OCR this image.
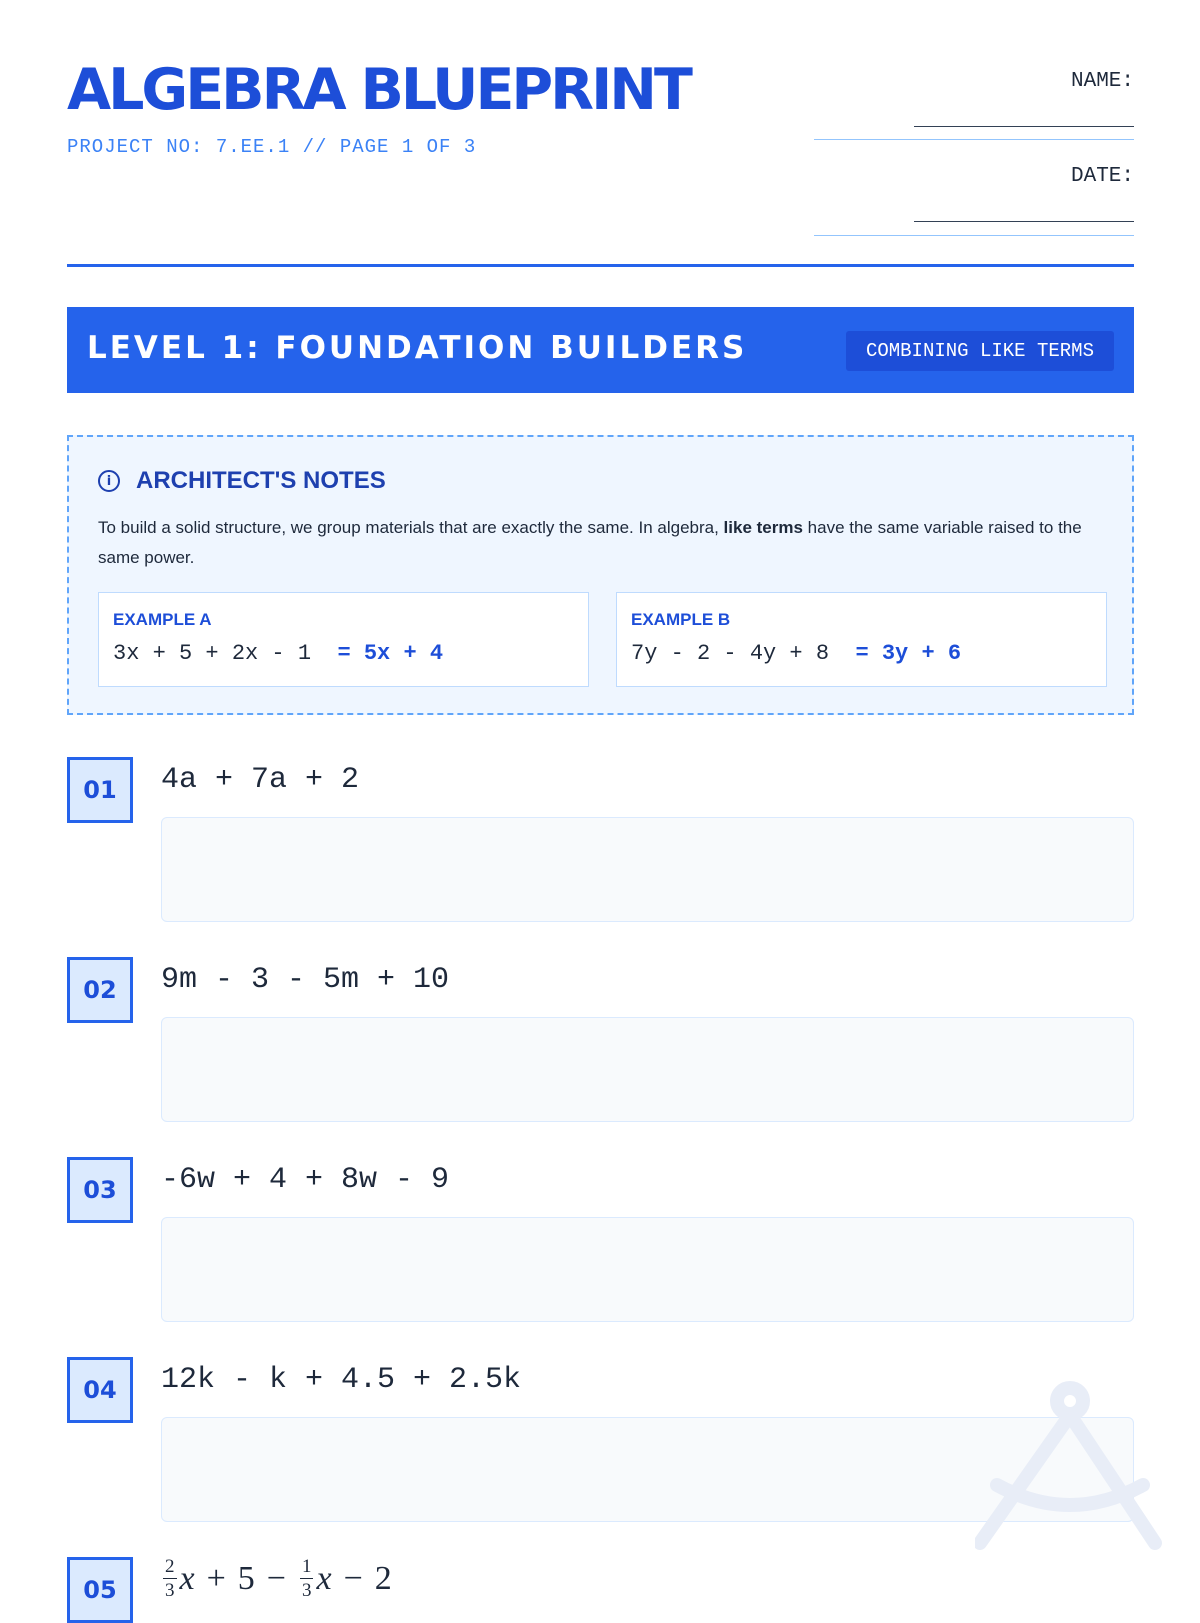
ALGEBRA BLUEPRINT
PROJECT NO: 7.EE.1 // PAGE 1 OF 3
NAME:
DATE:
LEVEL 1: FOUNDATION BUILDERS	COMBINING LIKE TERMS
i	ARCHITECT'S NOTES

To build a solid structure, we group materials that are exactly the same. In algebra, like terms have the same variable raised to the same power.

EXAMPLE A
3x + 5 + 2x - 1 = 5x + 4
EXAMPLE B
7y - 2 - 4y + 8 = 3y + 6
01	4a + 7a + 2
02	9m - 3 - 5m + 10
03	-6w + 4 + 8w - 9
04	12k - k + 4.5 + 2.5k
05	$\frac{2}{3}$ $x + 5 - \frac{1}{3}$ x − 2
